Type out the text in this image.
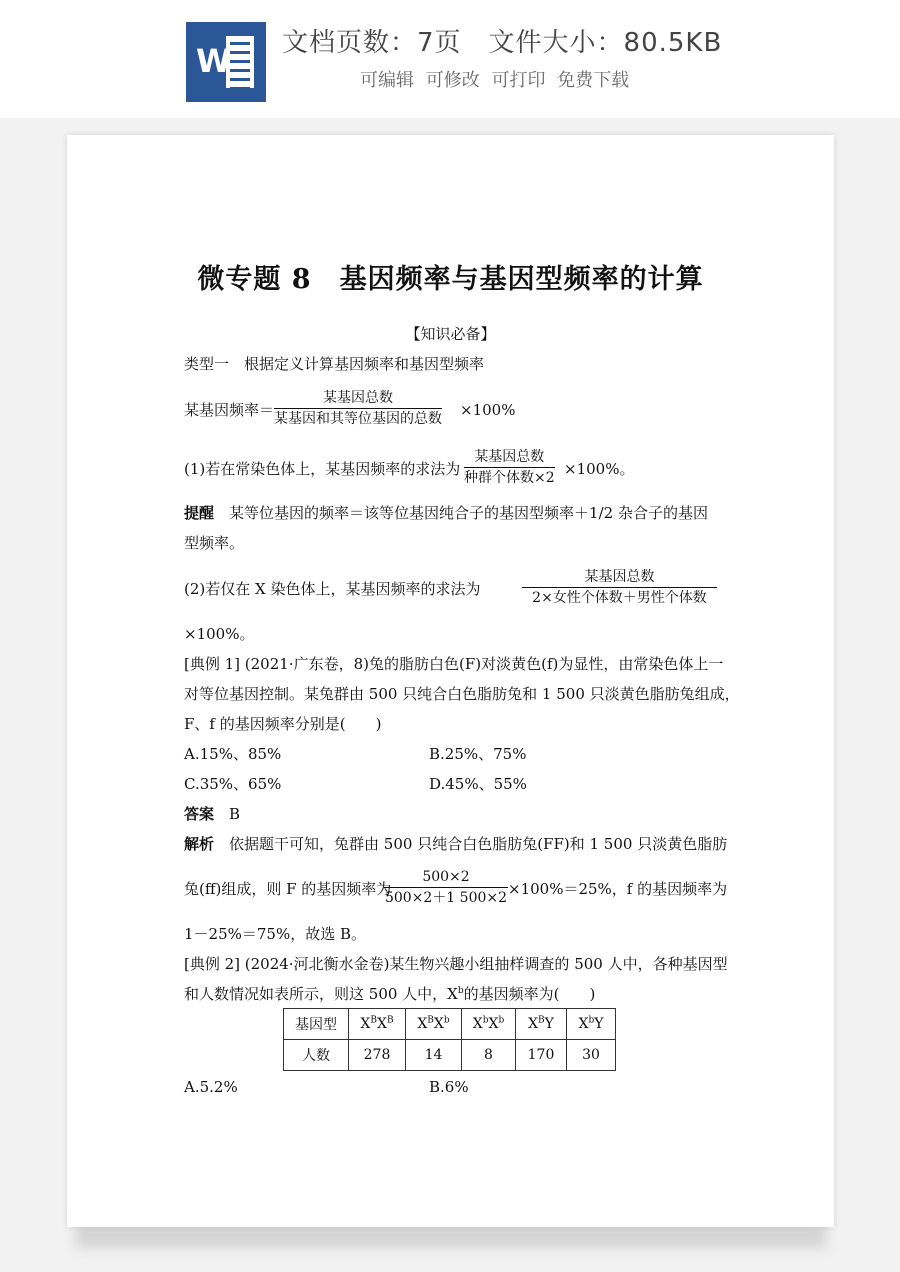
W 文档页数：7页　文件大小：80.5KB
可编辑 可修改 可打印 免费下载
微专题 8　基因频率与基因型频率的计算
【知识必备】
类型一　根据定义计算基因频率和基因型频率
某基因频率＝
某基因总数
某基因和其等位基因的总数 ×100%
(1)若在常染色体上，某基因频率的求法为
某基因总数
种群个体数×2 ×100%。
提醒　 某等位基因的频率＝该等位基因纯合子的基因型频率＋1/2 杂合子的基因
型频率。
(2)若仅在 X 染色体上，某基因频率的求法为
某基因总数
2×女性个体数＋男性个体数
×100%。
[典例 1] (2021·广东卷，8)兔的脂肪白色(F)对淡黄色(f)为显性，由常染色体上一
对等位基因控制。某兔群由 500 只纯合白色脂肪兔和 1 500 只淡黄色脂肪兔组成，
F、f 的基因频率分别是(　　)
A.15%、85%	B.25%、75%
C.35%、65%	D.45%、55%
答案　 B
解析　 依据题干可知，兔群由 500 只纯合白色脂肪兔(FF)和 1 500 只淡黄色脂肪
兔(ff)组成，则 F 的基因频率为
$\frac{500\times 2}{500\times 2+1 500\times 2} \times 100\%=25\%$，f 的基因频率为
1－25%＝75%，故选 B。
[典例 2] (2024·河北衡水金卷)某生物兴趣小组抽样调查的 500 人中，各种基因型
和人数情况如表所示，则这 500 人中，$X^b$的基因频率为(　　)
基因型	$X^BX^B$	$X^BX^b$	$X^bX^b$	$X^BY$	$X^bY$
人数	278	14	8	170	30
A.5.2%	B.6%
